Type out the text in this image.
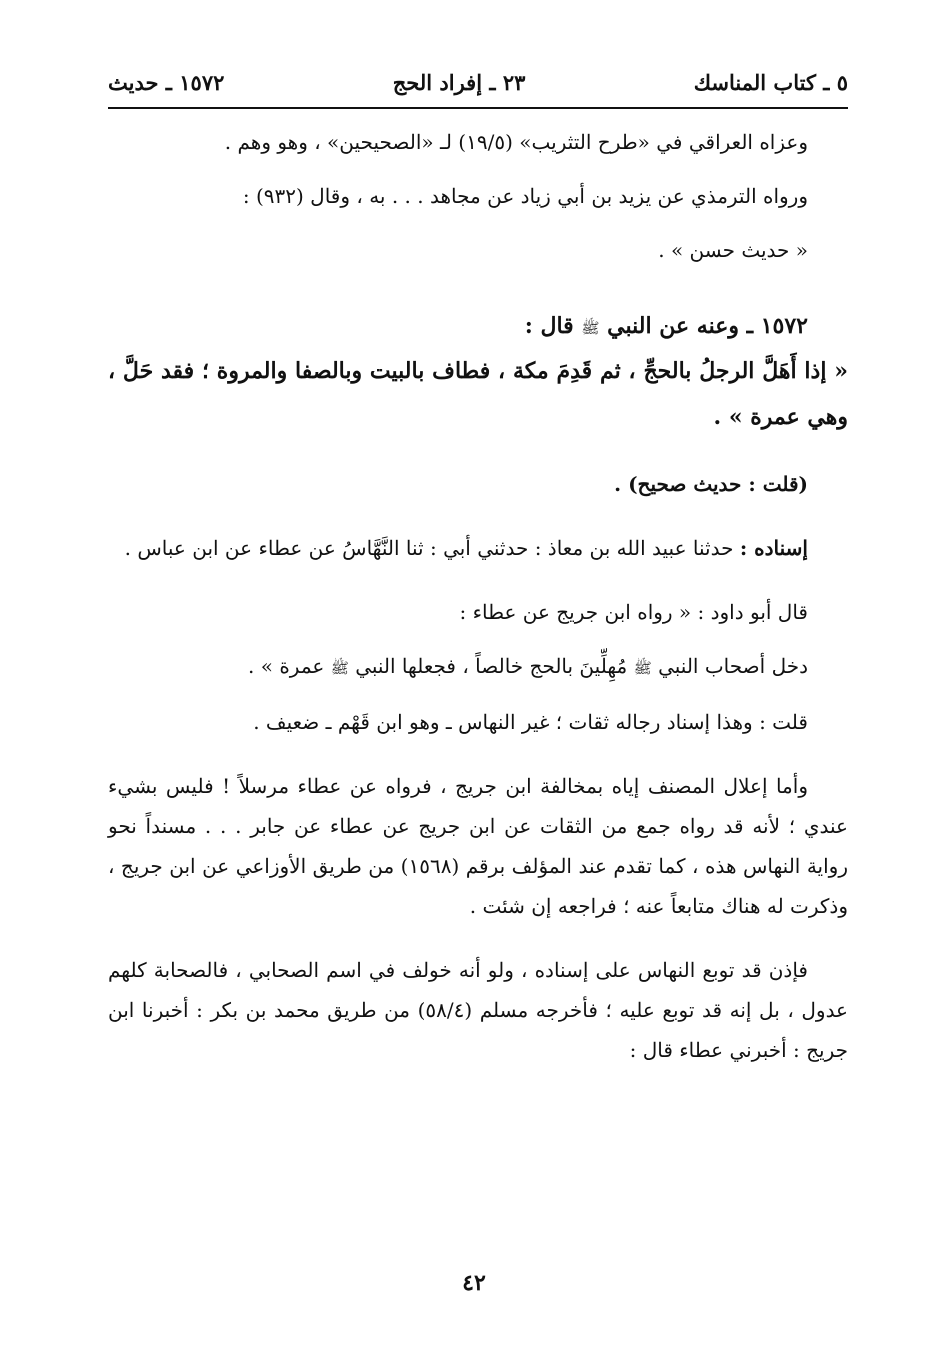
٥ ـ كتاب المناسك
٢٣ ـ إفراد الحج
١٥٧٢ ـ حديث

وعزاه العراقي في «طرح التثريب» (١٩/٥) لـ «الصحيحين» ، وهو وهم .

ورواه الترمذي عن يزيد بن أبي زياد عن مجاهد . . . به ، وقال (٩٣٢) :

« حديث حسن » .

١٥٧٢ ـ وعنه عن النبي ﷺ قال :

« إذا أَهَلَّ الرجلُ بالحجِّ ، ثم قَدِمَ مكة ، فطاف بالبيت وبالصفا والمروة ؛ فقد حَلَّ ، وهي عمرة » .

(قلت : حديث صحيح) .

إسناده : حدثنا عبيد الله بن معاذ : حدثني أبي : ثنا النَّهَّاسُ عن عطاء عن ابن عباس .

قال أبو داود : « رواه ابن جريج عن عطاء :

دخل أصحاب النبي ﷺ مُهِلِّينَ بالحج خالصاً ، فجعلها النبي ﷺ عمرة » .

قلت : وهذا إسناد رجاله ثقات ؛ غير النهاس ـ وهو ابن قَهْم ـ ضعيف .

وأما إعلال المصنف إياه بمخالفة ابن جريج ، فرواه عن عطاء مرسلاً ! فليس بشيء عندي ؛ لأنه قد رواه جمع من الثقات عن ابن جريج عن عطاء عن جابر . . . مسنداً نحو رواية النهاس هذه ، كما تقدم عند المؤلف برقم (١٥٦٨) من طريق الأوزاعي عن ابن جريج ، وذكرت له هناك متابعاً عنه ؛ فراجعه إن شئت .

فإذن قد توبع النهاس على إسناده ، ولو أنه خولف في اسم الصحابي ، فالصحابة كلهم عدول ، بل إنه قد توبع عليه ؛ فأخرجه مسلم (٥٨/٤) من طريق محمد بن بكر : أخبرنا ابن جريج : أخبرني عطاء قال :

٤٢
